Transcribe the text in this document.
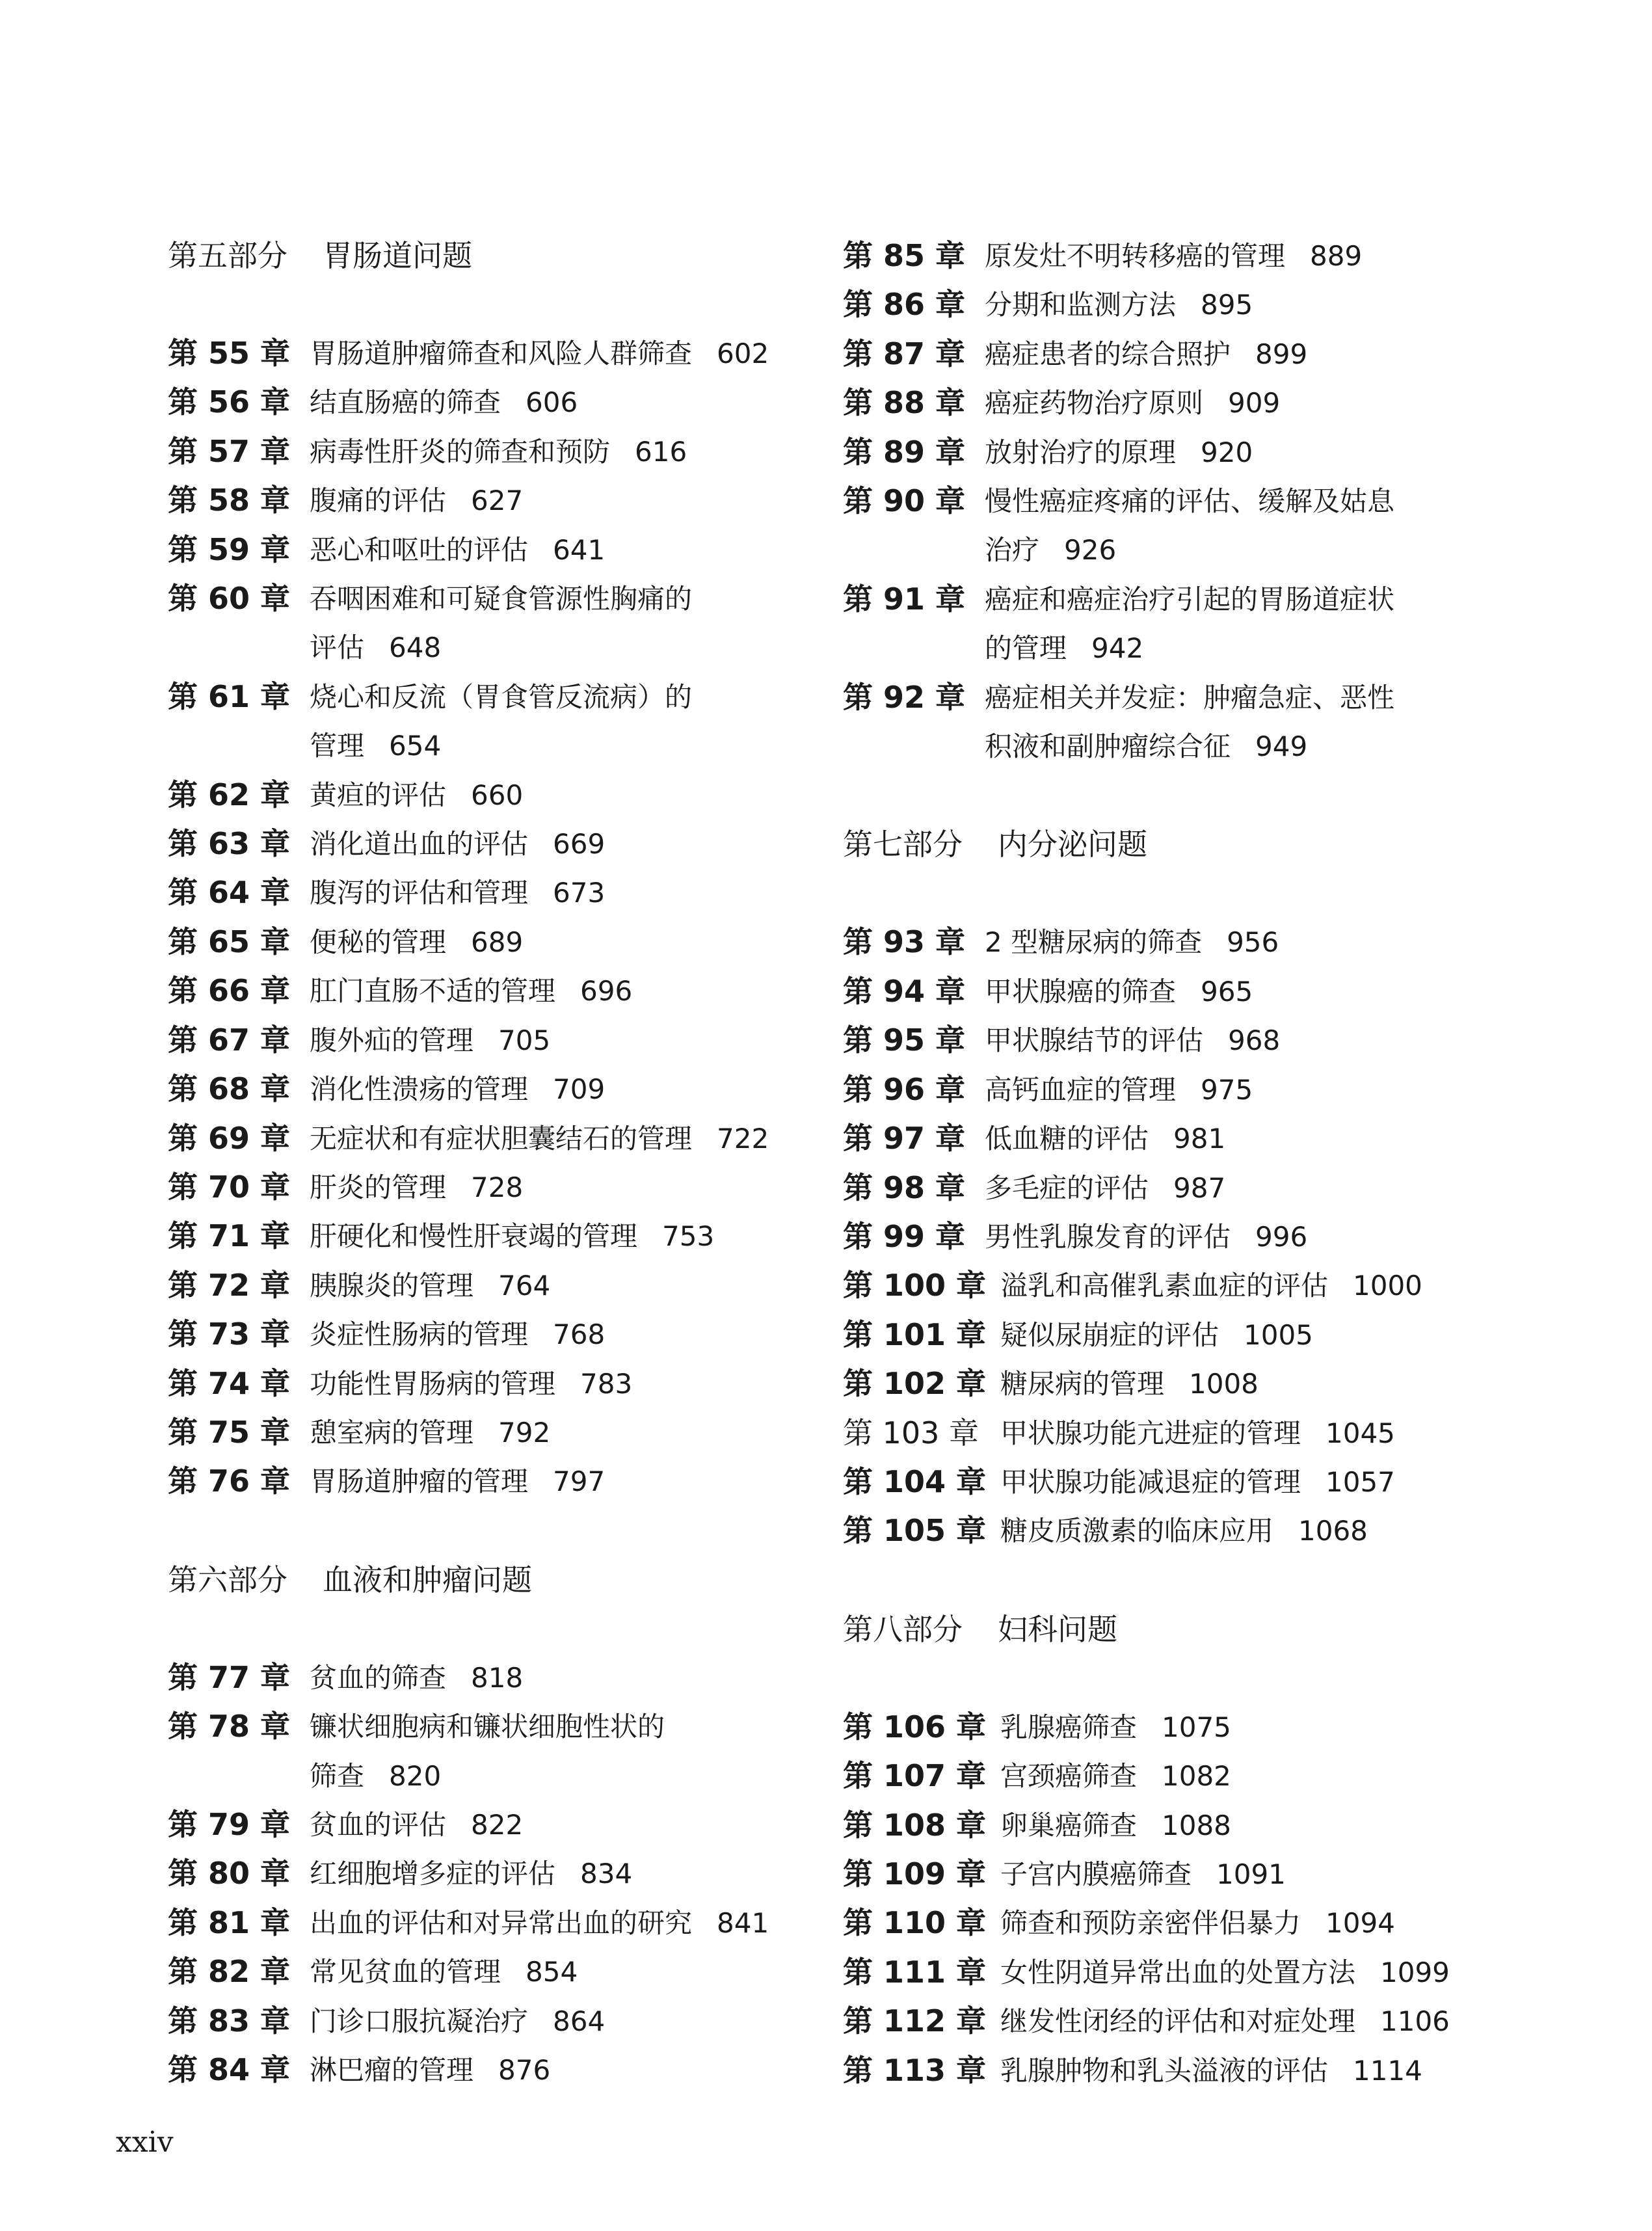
第五部分 胃肠道问题
第 55 章 胃肠道肿瘤筛查和风险人群筛查 602
第 56 章 结直肠癌的筛查 606
第 57 章 病毒性肝炎的筛查和预防 616
第 58 章 腹痛的评估 627
第 59 章 恶心和呕吐的评估 641
第 60 章 吞咽困难和可疑食管源性胸痛的
评估 648
第 61 章 烧心和反流（胃食管反流病）的
管理 654
第 62 章 黄疸的评估 660
第 63 章 消化道出血的评估 669
第 64 章 腹泻的评估和管理 673
第 65 章 便秘的管理 689
第 66 章 肛门直肠不适的管理 696
第 67 章 腹外疝的管理 705
第 68 章 消化性溃疡的管理 709
第 69 章 无症状和有症状胆囊结石的管理 722
第 70 章 肝炎的管理 728
第 71 章 肝硬化和慢性肝衰竭的管理 753
第 72 章 胰腺炎的管理 764
第 73 章 炎症性肠病的管理 768
第 74 章 功能性胃肠病的管理 783
第 75 章 憩室病的管理 792
第 76 章 胃肠道肿瘤的管理 797
第六部分 血液和肿瘤问题
第 77 章 贫血的筛查 818
第 78 章 镰状细胞病和镰状细胞性状的
筛查 820
第 79 章 贫血的评估 822
第 80 章 红细胞增多症的评估 834
第 81 章 出血的评估和对异常出血的研究 841
第 82 章 常见贫血的管理 854
第 83 章 门诊口服抗凝治疗 864
第 84 章 淋巴瘤的管理 876
第 85 章 原发灶不明转移癌的管理 889
第 86 章 分期和监测方法 895
第 87 章 癌症患者的综合照护 899
第 88 章 癌症药物治疗原则 909
第 89 章 放射治疗的原理 920
第 90 章 慢性癌症疼痛的评估、缓解及姑息
治疗 926
第 91 章 癌症和癌症治疗引起的胃肠道症状
的管理 942
第 92 章 癌症相关并发症：肿瘤急症、恶性
积液和副肿瘤综合征 949
第七部分 内分泌问题
第 93 章 2 型糖尿病的筛查 956
第 94 章 甲状腺癌的筛查 965
第 95 章 甲状腺结节的评估 968
第 96 章 高钙血症的管理 975
第 97 章 低血糖的评估 981
第 98 章 多毛症的评估 987
第 99 章 男性乳腺发育的评估 996
第 100 章 溢乳和高催乳素血症的评估 1000
第 101 章 疑似尿崩症的评估 1005
第 102 章 糖尿病的管理 1008
第 103 章 甲状腺功能亢进症的管理 1045
第 104 章 甲状腺功能减退症的管理 1057
第 105 章 糖皮质激素的临床应用 1068
第八部分 妇科问题
第 106 章 乳腺癌筛查 1075
第 107 章 宫颈癌筛查 1082
第 108 章 卵巢癌筛查 1088
第 109 章 子宫内膜癌筛查 1091
第 110 章 筛查和预防亲密伴侣暴力 1094
第 111 章 女性阴道异常出血的处置方法 1099
第 112 章 继发性闭经的评估和对症处理 1106
第 113 章 乳腺肿物和乳头溢液的评估 1114
xxiv
